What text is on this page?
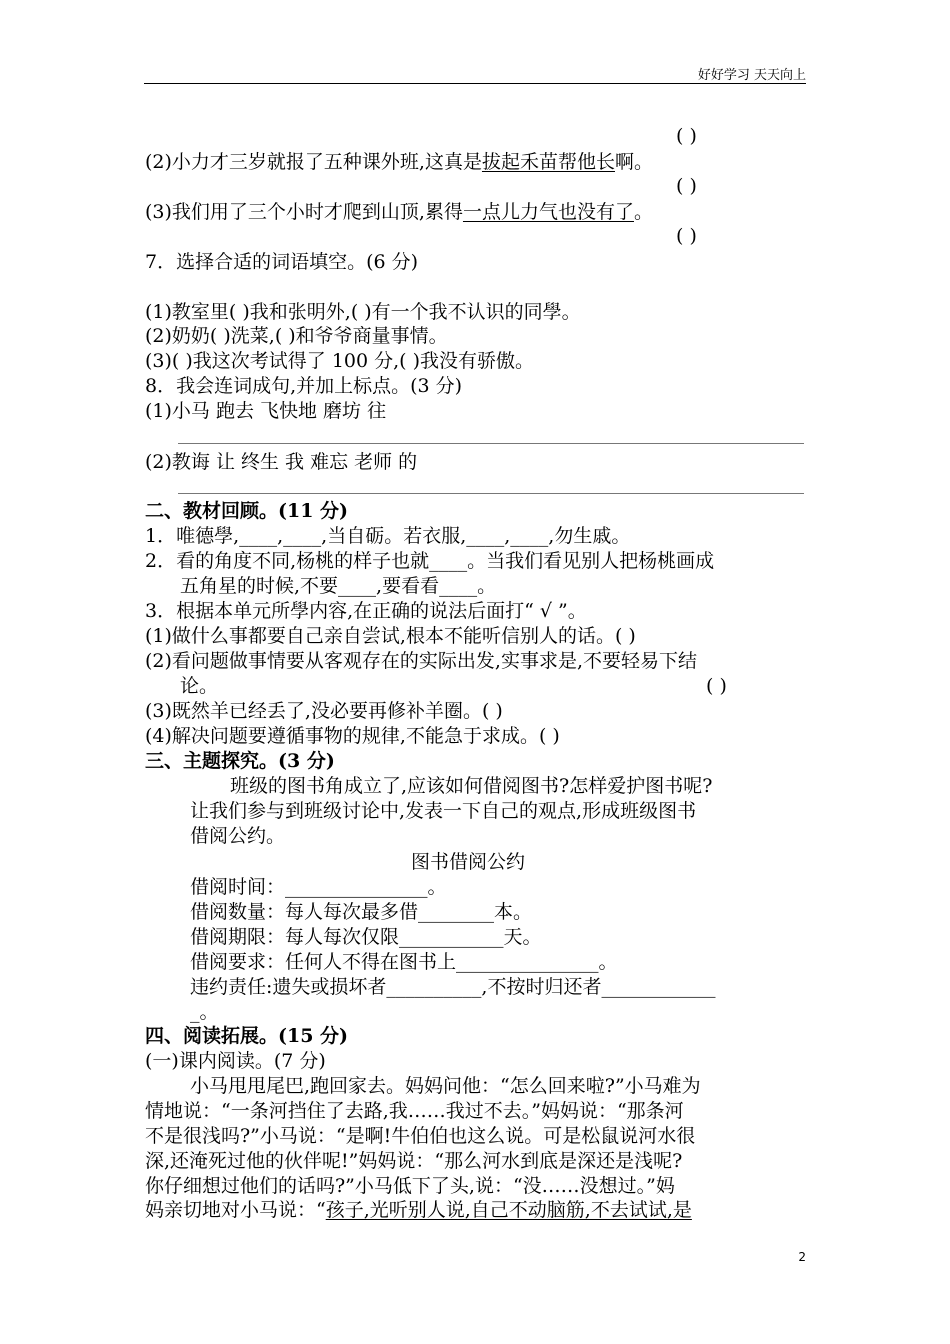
好好学习 天天向上
( )
(2)小力才三岁就报了五种课外班,这真是拔起禾苗帮他长啊。
( )
(3)我们用了三个小时才爬到山顶,累得一点儿力气也没有了。
( )
7．选择合适的词语填空。(6 分)
(1)教室里( )我和张明外,( )有一个我不认识的同學。
(2)奶奶( )洗菜,( )和爷爷商量事情。
(3)( )我这次考试得了 100 分,( )我没有骄傲。
8．我会连词成句,并加上标点。(3 分)
(1)小马 跑去 飞快地 磨坊 往
(2)教诲 让 终生 我 难忘 老师 的
二、教材回顾。(11 分)
1．唯德學,____,____,当自砺。若衣服,____,____,勿生戚。
2．看的角度不同,杨桃的样子也就____。当我们看见别人把杨桃画成
五角星的时候,不要____,要看看____。
3．根据本单元所學内容,在正确的说法后面打“ √ ”。
(1)做什么事都要自己亲自尝试,根本不能听信别人的话。( )
(2)看问题做事情要从客观存在的实际出发,实事求是,不要轻易下结
论。	( )
(3)既然羊已经丢了,没必要再修补羊圈。( )
(4)解决问题要遵循事物的规律,不能急于求成。( )
三、主题探究。(3 分)
班级的图书角成立了,应该如何借阅图书?怎样爱护图书呢?
让我们参与到班级讨论中,发表一下自己的观点,形成班级图书
借阅公约。
图书借阅公约
借阅时间：_______________。
借阅数量：每人每次最多借________本。
借阅期限：每人每次仅限___________天。
借阅要求：任何人不得在图书上_______________。
违约责任:遗失或损坏者__________,不按时归还者____________
_。
四、阅读拓展。(15 分)
(一)课内阅读。(7 分)
小马甩甩尾巴,跑回家去。妈妈问他：“怎么回来啦?”小马难为
情地说：“一条河挡住了去路,我……我过不去。”妈妈说：“那条河
不是很浅吗?”小马说：“是啊!牛伯伯也这么说。可是松鼠说河水很
深,还淹死过他的伙伴呢!”妈妈说：“那么河水到底是深还是浅呢?
你仔细想过他们的话吗?”小马低下了头,说：“没……没想过。”妈
妈亲切地对小马说：“孩子,光听别人说,自己不动脑筋,不去试试,是
2
